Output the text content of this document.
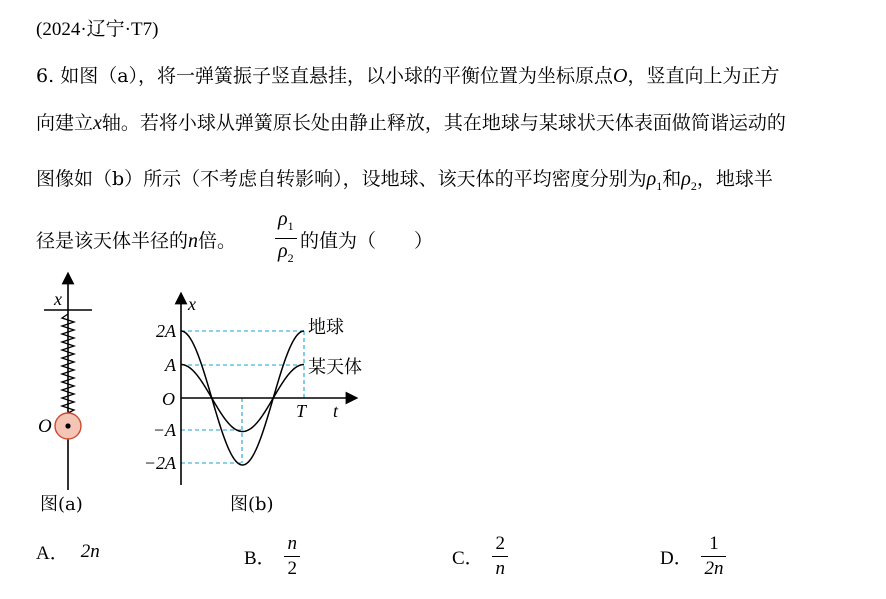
(2024·辽宁·T7)
6. 如图（a），将一弹簧振子竖直悬挂，以小球的平衡位置为坐标原点O，竖直向上为正方
向建立x轴。若将小球从弹簧原长处由静止释放，其在地球与某球状天体表面做简谐运动的
图像如（b）所示（不考虑自转影响），设地球、该天体的平均密度分别为$\rho_1$和$\rho_2$，地球半
径是该天体半径的n倍。 $\frac{\rho_1}{\rho_2}$ 的值为（　　）
x
O
图(a)
x
t
O
T
2A
A
−A
−2A
地球
某天体
图(b)
A． 2n	B． $\frac{n}{2}$	C． $\frac{2}{n}$	D． $\frac{1}{2n}$
